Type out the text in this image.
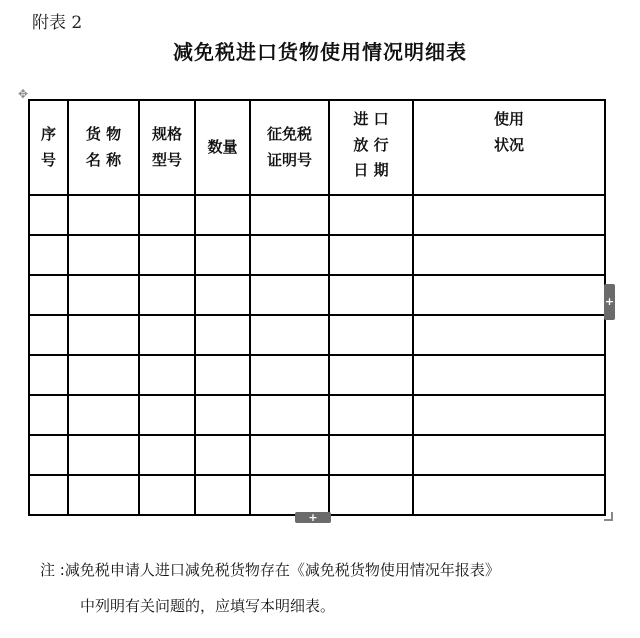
附表 2
减免税进口货物使用情况明细表
✥
序
号	货 物
名 称	规格
型号	数量	征免税
证明号	进 口
放 行
日 期	使用
状况

+
+
注 :减免税申请人进口减免税货物存在《减免税货物使用情况年报表》
中列明有关问题的，应填写本明细表。
